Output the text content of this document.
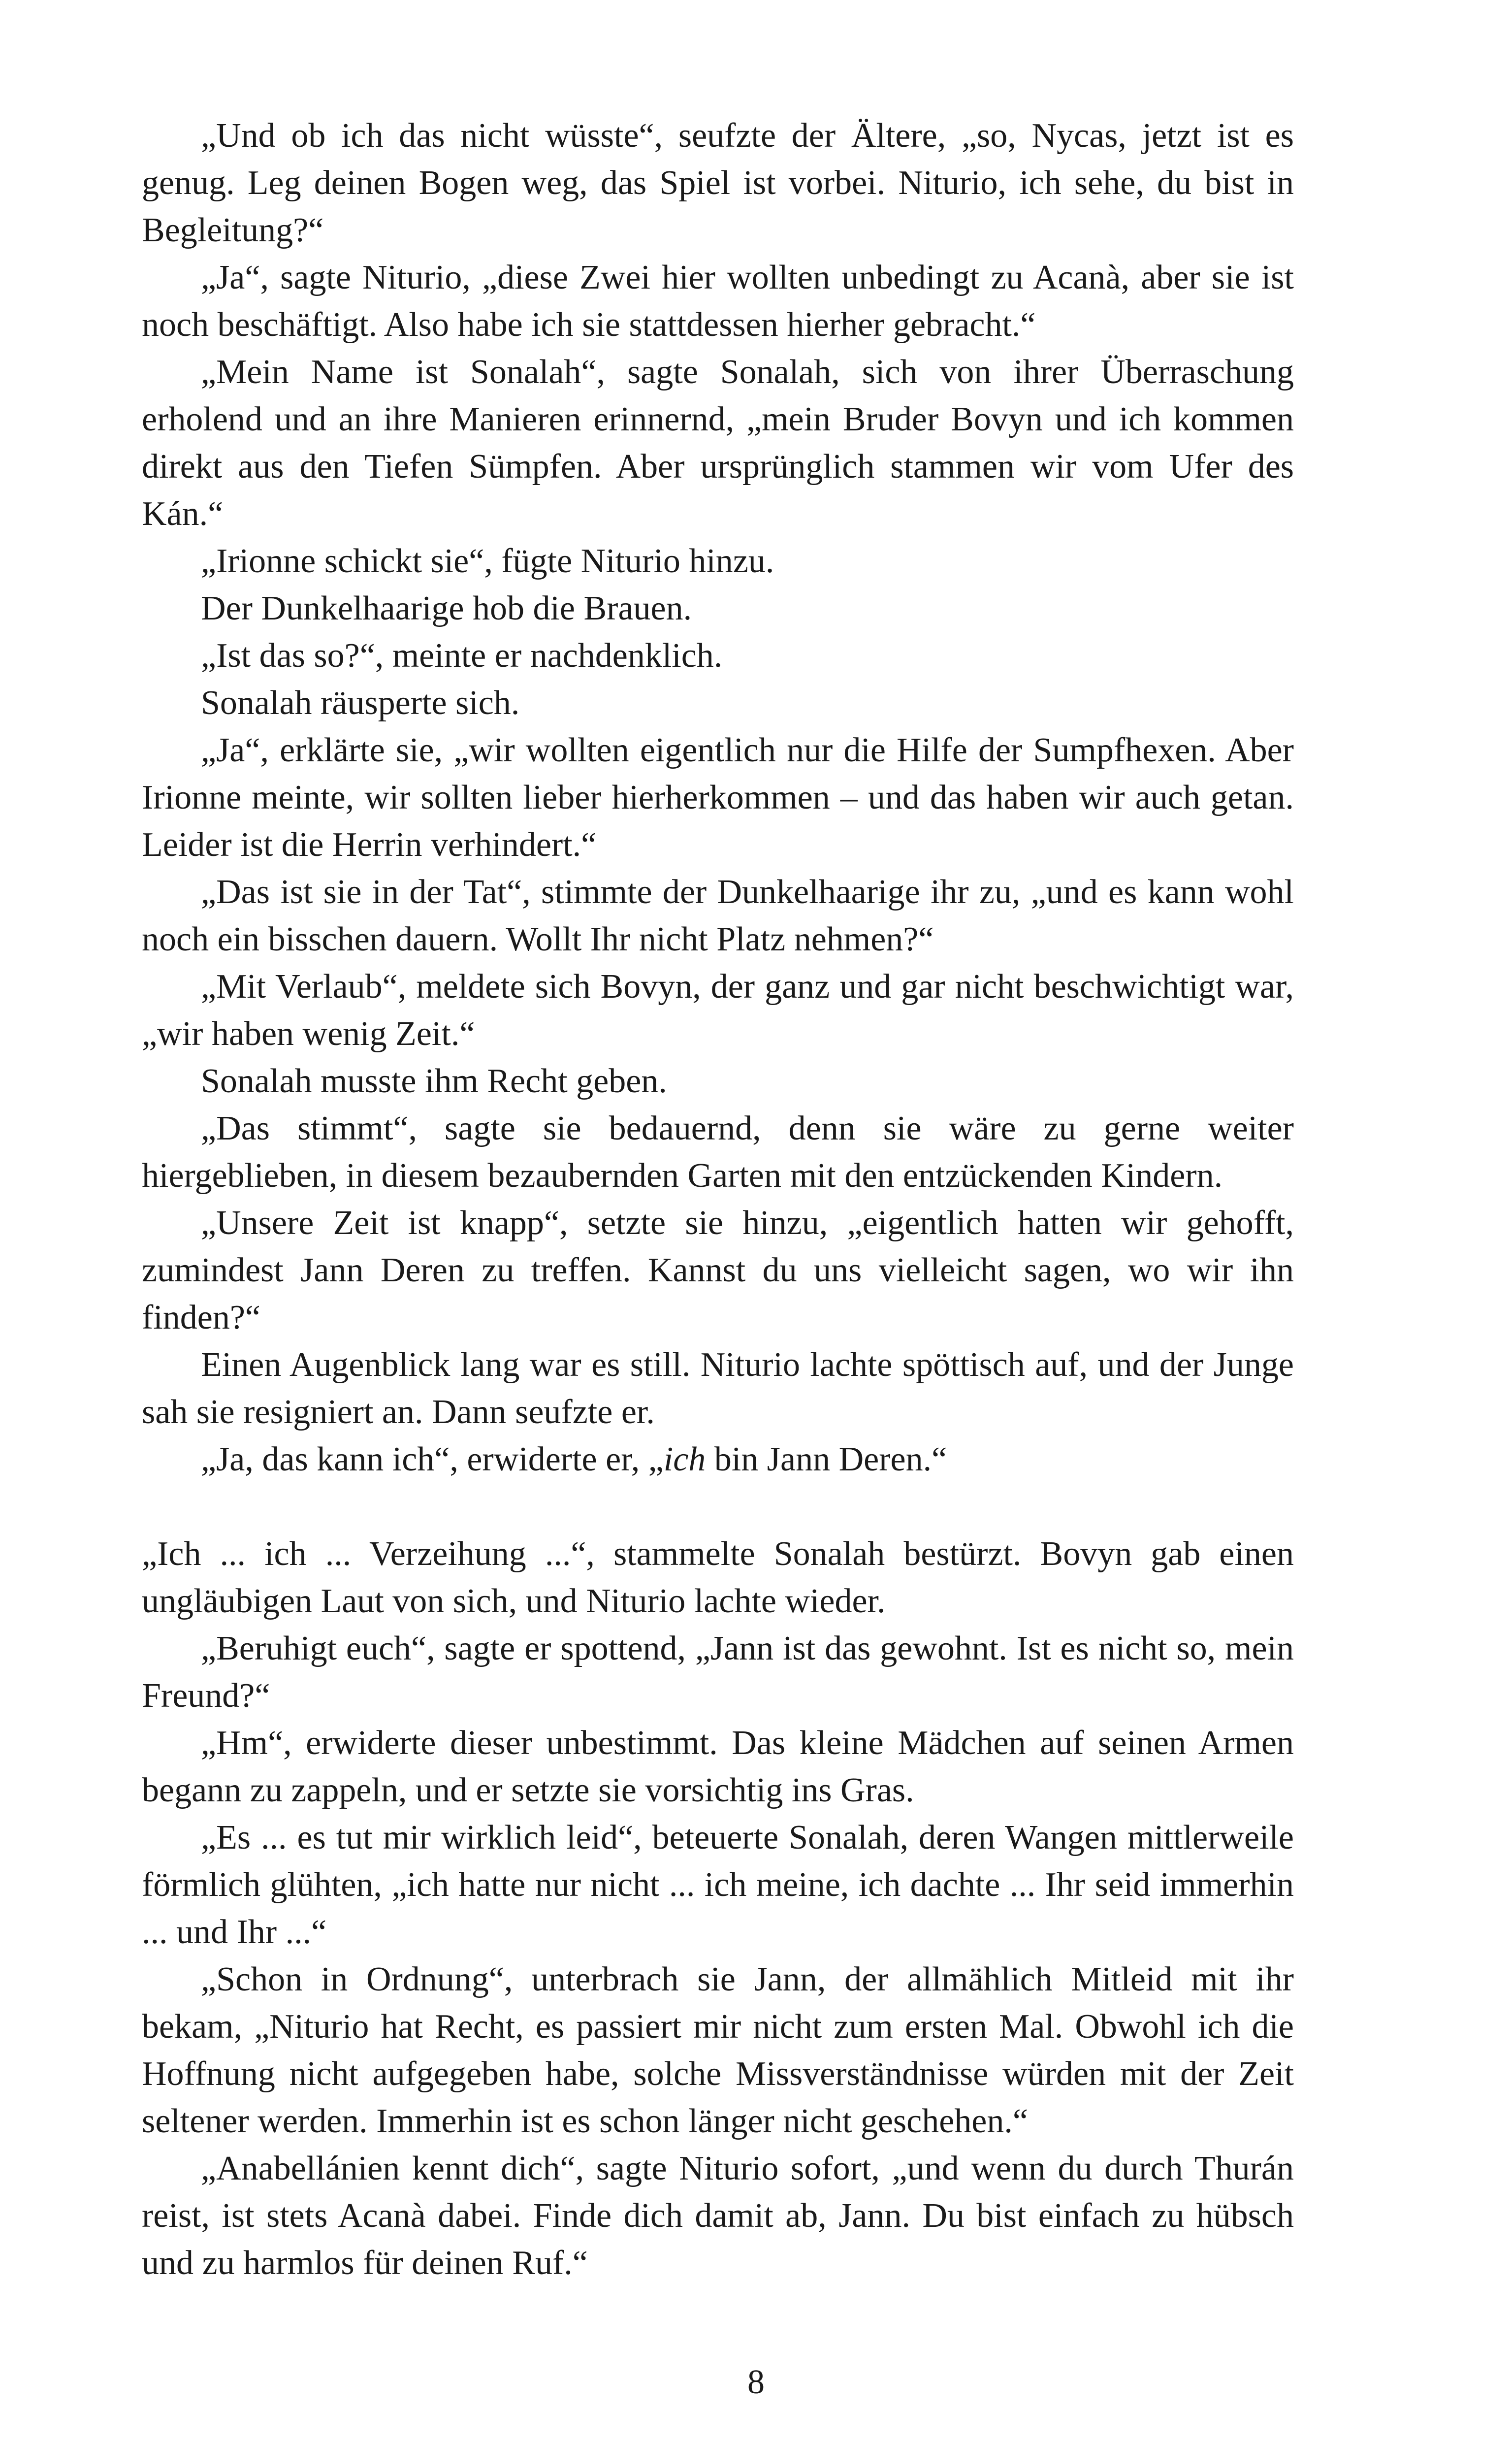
„Und ob ich das nicht wüsste“, seufzte der Ältere, „so, Nycas, jetzt ist es genug. Leg deinen Bogen weg, das Spiel ist vorbei. Niturio, ich sehe, du bist in Begleitung?“

„Ja“, sagte Niturio, „diese Zwei hier wollten unbedingt zu Acanà, aber sie ist noch beschäftigt. Also habe ich sie stattdessen hierher gebracht.“

„Mein Name ist Sonalah“, sagte Sonalah, sich von ihrer Überraschung erholend und an ihre Manieren erinnernd, „mein Bruder Bovyn und ich kommen direkt aus den Tiefen Sümpfen. Aber ursprünglich stammen wir vom Ufer des Kán.“

„Irionne schickt sie“, fügte Niturio hinzu.

Der Dunkelhaarige hob die Brauen.

„Ist das so?“, meinte er nachdenklich.

Sonalah räusperte sich.

„Ja“, erklärte sie, „wir wollten eigentlich nur die Hilfe der Sumpfhexen. Aber Irionne meinte, wir sollten lieber hierherkommen – und das haben wir auch getan. Leider ist die Herrin verhindert.“

„Das ist sie in der Tat“, stimmte der Dunkelhaarige ihr zu, „und es kann wohl noch ein bisschen dauern. Wollt Ihr nicht Platz nehmen?“

„Mit Verlaub“, meldete sich Bovyn, der ganz und gar nicht beschwichtigt war, „wir haben wenig Zeit.“

Sonalah musste ihm Recht geben.

„Das stimmt“, sagte sie bedauernd, denn sie wäre zu gerne weiter hiergeblieben, in diesem bezaubernden Garten mit den entzückenden Kindern.

„Unsere Zeit ist knapp“, setzte sie hinzu, „eigentlich hatten wir gehofft, zumindest Jann Deren zu treffen. Kannst du uns vielleicht sagen, wo wir ihn finden?“

Einen Augenblick lang war es still. Niturio lachte spöttisch auf, und der Junge sah sie resigniert an. Dann seufzte er.

„Ja, das kann ich“, erwiderte er, „ich bin Jann Deren.“

„Ich ... ich ... Verzeihung ...“, stammelte Sonalah bestürzt. Bovyn gab einen ungläubigen Laut von sich, und Niturio lachte wieder.

„Beruhigt euch“, sagte er spottend, „Jann ist das gewohnt. Ist es nicht so, mein Freund?“

„Hm“, erwiderte dieser unbestimmt. Das kleine Mädchen auf seinen Armen begann zu zappeln, und er setzte sie vorsichtig ins Gras.

„Es ... es tut mir wirklich leid“, beteuerte Sonalah, deren Wangen mittlerweile förmlich glühten, „ich hatte nur nicht ... ich meine, ich dachte ... Ihr seid immerhin ... und Ihr ...“

„Schon in Ordnung“, unterbrach sie Jann, der allmählich Mitleid mit ihr bekam, „Niturio hat Recht, es passiert mir nicht zum ersten Mal. Obwohl ich die Hoffnung nicht aufgegeben habe, solche Missverständnisse würden mit der Zeit seltener werden. Immerhin ist es schon länger nicht geschehen.“

„Anabellánien kennt dich“, sagte Niturio sofort, „und wenn du durch Thurán reist, ist stets Acanà dabei. Finde dich damit ab, Jann. Du bist einfach zu hübsch und zu harmlos für deinen Ruf.“

8
